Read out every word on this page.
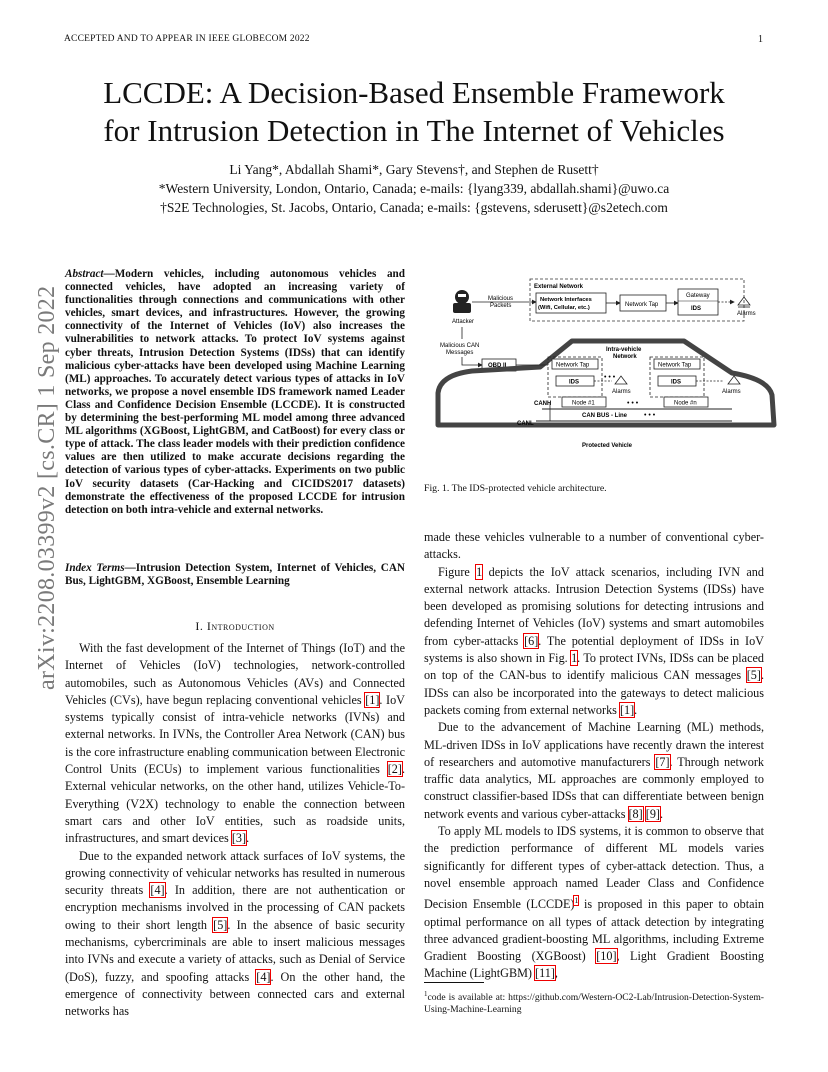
ACCEPTED AND TO APPEAR IN IEEE GLOBECOM 2022	1
arXiv:2208.03399v2 [cs.CR] 1 Sep 2022
LCCDE: A Decision-Based Ensemble Framework
for Intrusion Detection in The Internet of Vehicles
Li Yang*, Abdallah Shami*, Gary Stevens†, and Stephen de Rusett†
*Western University, London, Ontario, Canada; e-mails: {lyang339, abdallah.shami}@uwo.ca
†S2E Technologies, St. Jacobs, Ontario, Canada; e-mails: {gstevens, sderusett}@s2etech.com
Abstract—Modern vehicles, including autonomous vehicles and connected vehicles, have adopted an increasing variety of functionalities through connections and communications with other vehicles, smart devices, and infrastructures. However, the growing connectivity of the Internet of Vehicles (IoV) also increases the vulnerabilities to network attacks. To protect IoV systems against cyber threats, Intrusion Detection Systems (IDSs) that can identify malicious cyber-attacks have been developed using Machine Learning (ML) approaches. To accurately detect various types of attacks in IoV networks, we propose a novel ensemble IDS framework named Leader Class and Confidence Decision Ensemble (LCCDE). It is constructed by determining the best-performing ML model among three advanced ML algorithms (XGBoost, LightGBM, and CatBoost) for every class or type of attack. The class leader models with their prediction confidence values are then utilized to make accurate decisions regarding the detection of various types of cyber-attacks. Experiments on two public IoV security datasets (Car-Hacking and CICIDS2017 datasets) demonstrate the effectiveness of the proposed LCCDE for intrusion detection on both intra-vehicle and external networks.
Index Terms—Intrusion Detection System, Internet of Vehicles, CAN Bus, LightGBM, XGBoost, Ensemble Learning
I. Introduction

With the fast development of the Internet of Things (IoT) and the Internet of Vehicles (IoV) technologies, network-controlled automobiles, such as Autonomous Vehicles (AVs) and Connected Vehicles (CVs), have begun replacing conventional vehicles [1]. IoV systems typically consist of intra-vehicle networks (IVNs) and external networks. In IVNs, the Controller Area Network (CAN) bus is the core infrastructure enabling communication between Electronic Control Units (ECUs) to implement various functionalities [2]. External vehicular networks, on the other hand, utilizes Vehicle-To-Everything (V2X) technology to enable the connection between smart cars and other IoV entities, such as roadside units, infrastructures, and smart devices [3].

Due to the expanded network attack surfaces of IoV systems, the growing connectivity of vehicular networks has resulted in numerous security threats [4]. In addition, there are not authentication or encryption mechanisms involved in the processing of CAN packets owing to their short length [5]. In the absence of basic security mechanisms, cybercriminals are able to insert malicious messages into IVNs and execute a variety of attacks, such as Denial of Service (DoS), fuzzy, and spoofing attacks [4]. On the other hand, the emergence of connectivity between connected cars and external networks has

External Network
Attacker
Malicious
Packets
Network Interfaces
(Wifi, Cellular, etc.)	Network Tap
Gateway
IDS
Alarms
Malicious CAN
Messages
OBD II
Intra-vehicle
Network
Network Tap
IDS
Alarms
Network Tap
IDS
Alarms
• • •
Node #1	Node #n
• • •
CANH
CANL
CAN BUS - Line • • •
Protected Vehicle
Fig. 1. The IDS-protected vehicle architecture.

made these vehicles vulnerable to a number of conventional cyber-attacks.

Figure 1 depicts the IoV attack scenarios, including IVN and external network attacks. Intrusion Detection Systems (IDSs) have been developed as promising solutions for detecting intrusions and defending Internet of Vehicles (IoV) systems and smart automobiles from cyber-attacks [6]. The potential deployment of IDSs in IoV systems is also shown in Fig. 1. To protect IVNs, IDSs can be placed on top of the CAN-bus to identify malicious CAN messages [5]. IDSs can also be incorporated into the gateways to detect malicious packets coming from external networks [1].

Due to the advancement of Machine Learning (ML) methods, ML-driven IDSs in IoV applications have recently drawn the interest of researchers and automotive manufacturers [7]. Through network traffic data analytics, ML approaches are commonly employed to construct classifier-based IDSs that can differentiate between benign network events and various cyber-attacks [8] [9].

To apply ML models to IDS systems, it is common to observe that the prediction performance of different ML models varies significantly for different types of cyber-attack detection. Thus, a novel ensemble approach named Leader Class and Confidence Decision Ensemble (LCCDE)$^1$ is proposed in this paper to obtain optimal performance on all types of attack detection by integrating three advanced gradient-boosting ML algorithms, including Extreme Gradient Boosting (XGBoost) [10], Light Gradient Boosting Machine (LightGBM) [11],

$^1$code is available at: https://github.com/Western-OC2-Lab/Intrusion-Detection-System-Using-Machine-Learning
